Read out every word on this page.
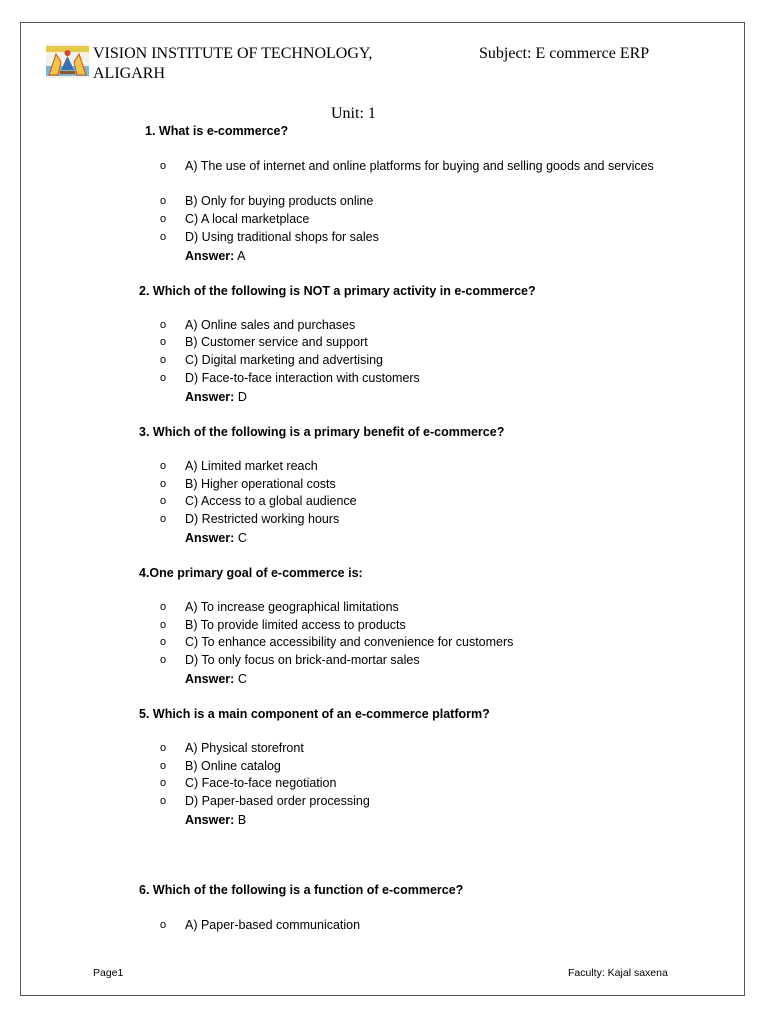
VISION INSTITUTE OF TECHNOLOGY,
ALIGARH
Subject: E commerce ERP
Unit: 1
1. What is e-commerce?
o A) The use of internet and online platforms for buying and selling goods and services
o B) Only for buying products online
o C) A local marketplace
o D) Using traditional shops for sales
Answer: A
2. Which of the following is NOT a primary activity in e-commerce?
o A) Online sales and purchases
o B) Customer service and support
o C) Digital marketing and advertising
o D) Face-to-face interaction with customers
Answer: D
3. Which of the following is a primary benefit of e-commerce?
o A) Limited market reach
o B) Higher operational costs
o C) Access to a global audience
o D) Restricted working hours
Answer: C
4.One primary goal of e-commerce is:
o A) To increase geographical limitations
o B) To provide limited access to products
o C) To enhance accessibility and convenience for customers
o D) To only focus on brick-and-mortar sales
Answer: C
5. Which is a main component of an e-commerce platform?
o A) Physical storefront
o B) Online catalog
o C) Face-to-face negotiation
o D) Paper-based order processing
Answer: B
6. Which of the following is a function of e-commerce?
o A) Paper-based communication
Page1	Faculty: Kajal saxena
